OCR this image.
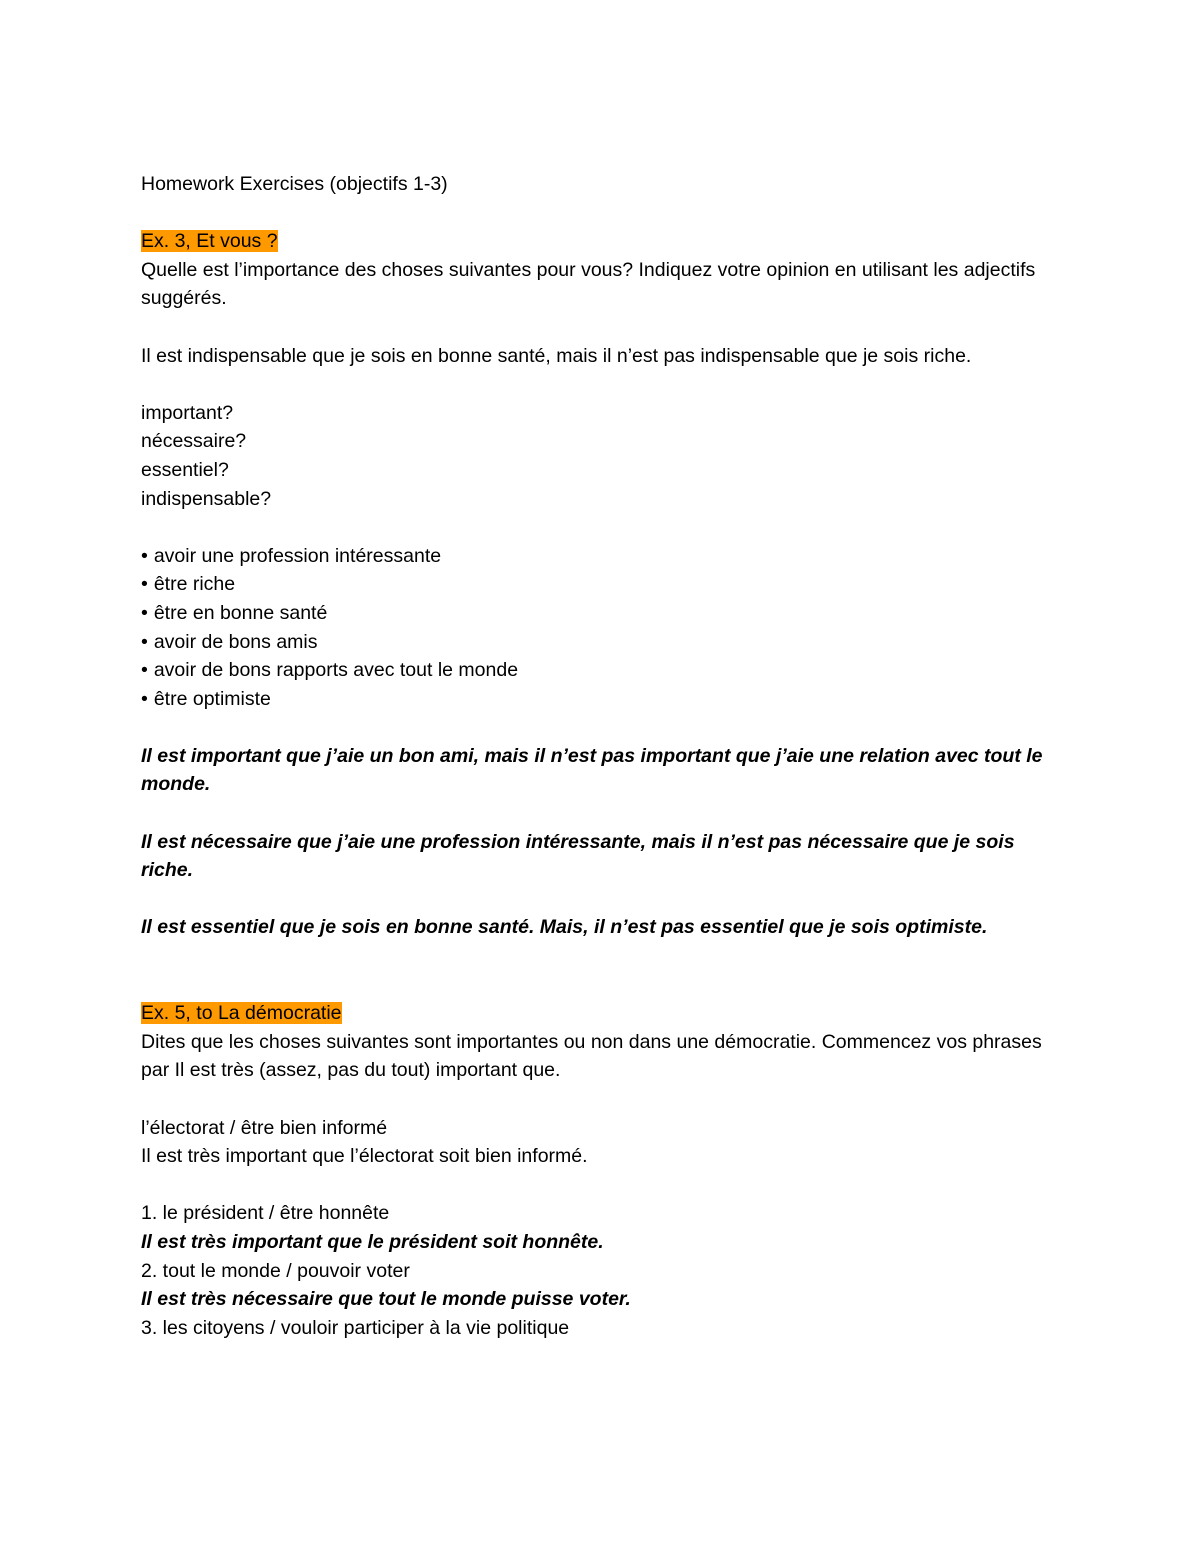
Homework Exercises (objectifs 1-3)
Ex. 3, Et vous ?
Quelle est l’importance des choses suivantes pour vous? Indiquez votre opinion en utilisant les adjectifs suggérés.
Il est indispensable que je sois en bonne santé, mais il n’est pas indispensable que je sois riche.
important?
nécessaire?
essentiel?
indispensable?
• avoir une profession intéressante
• être riche
• être en bonne santé
• avoir de bons amis
• avoir de bons rapports avec tout le monde
• être optimiste
Il est important que j’aie un bon ami, mais il n’est pas important que j’aie une relation avec tout le monde.
Il est nécessaire que j’aie une profession intéressante, mais il n’est pas nécessaire que je sois riche.
Il est essentiel que je sois en bonne santé. Mais, il n’est pas essentiel que je sois optimiste.
Ex. 5, to La démocratie
Dites que les choses suivantes sont importantes ou non dans une démocratie. Commencez vos phrases par Il est très (assez, pas du tout) important que.
l’électorat / être bien informé
Il est très important que l’électorat soit bien informé.
1. le président / être honnête
Il est très important que le président soit honnête.
2. tout le monde / pouvoir voter
Il est très nécessaire que tout le monde puisse voter.
3. les citoyens / vouloir participer à la vie politique
